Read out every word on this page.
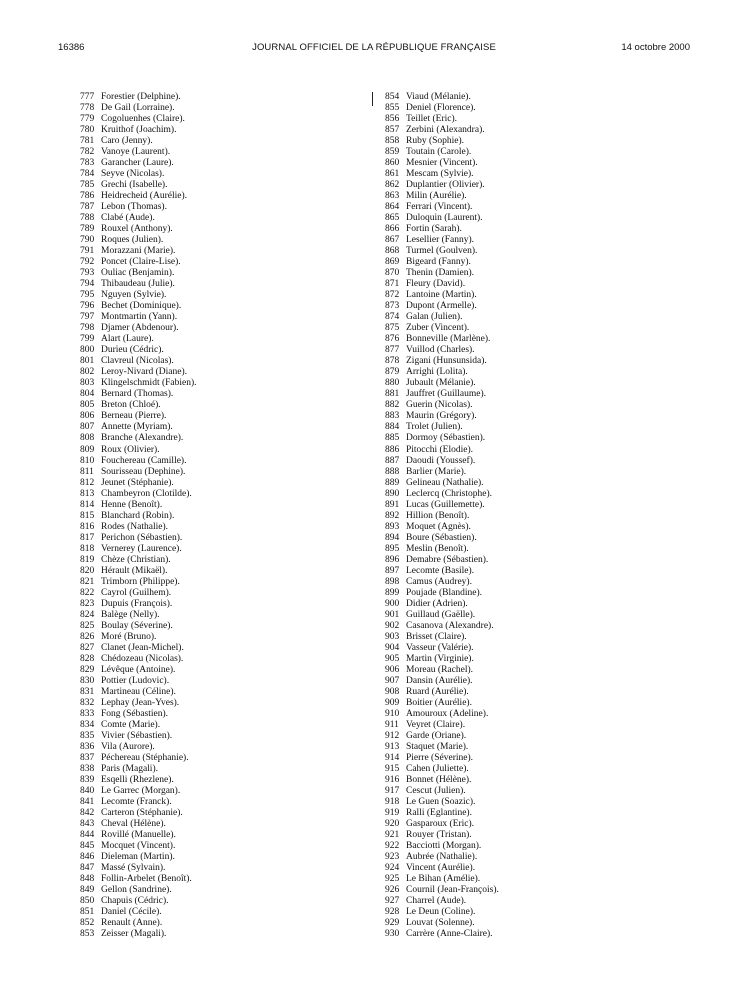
16386	JOURNAL OFFICIEL DE LA RÉPUBLIQUE FRANÇAISE	14 octobre 2000
777 Forestier (Delphine).
778 De Gail (Lorraine).
779 Cogoluenhes (Claire).
780 Kruithof (Joachim).
781 Caro (Jenny).
782 Vanoye (Laurent).
783 Garancher (Laure).
784 Seyve (Nicolas).
785 Grechi (Isabelle).
786 Heidrecheid (Aurélie).
787 Lebon (Thomas).
788 Clabé (Aude).
789 Rouxel (Anthony).
790 Roques (Julien).
791 Morazzani (Marie).
792 Poncet (Claire-Lise).
793 Ouliac (Benjamin).
794 Thibaudeau (Julie).
795 Nguyen (Sylvie).
796 Bechet (Dominique).
797 Montmartin (Yann).
798 Djamer (Abdenour).
799 Alart (Laure).
800 Durieu (Cédric).
801 Clavreul (Nicolas).
802 Leroy-Nivard (Diane).
803 Klingelschmidt (Fabien).
804 Bernard (Thomas).
805 Breton (Chloé).
806 Berneau (Pierre).
807 Annette (Myriam).
808 Branche (Alexandre).
809 Roux (Olivier).
810 Fouchereau (Camille).
811 Sourisseau (Dephine).
812 Jeunet (Stéphanie).
813 Chambeyron (Clotilde).
814 Henne (Benoît).
815 Blanchard (Robin).
816 Rodes (Nathalie).
817 Perichon (Sébastien).
818 Vernerey (Laurence).
819 Chèze (Christian).
820 Hérault (Mikaël).
821 Trimborn (Philippe).
822 Cayrol (Guilhem).
823 Dupuis (François).
824 Balège (Nelly).
825 Boulay (Séverine).
826 Moré (Bruno).
827 Clanet (Jean-Michel).
828 Chédozeau (Nicolas).
829 Lévêque (Antoine).
830 Pottier (Ludovic).
831 Martineau (Céline).
832 Lephay (Jean-Yves).
833 Fong (Sébastien).
834 Comte (Marie).
835 Vivier (Sébastien).
836 Vila (Aurore).
837 Péchereau (Stéphanie).
838 Paris (Magali).
839 Esqelli (Rhezlene).
840 Le Garrec (Morgan).
841 Lecomte (Franck).
842 Carteron (Stéphanie).
843 Cheval (Hélène).
844 Rovillé (Manuelle).
845 Mocquet (Vincent).
846 Dieleman (Martin).
847 Massé (Sylvain).
848 Follin-Arbelet (Benoît).
849 Gellon (Sandrine).
850 Chapuis (Cédric).
851 Daniel (Cécile).
852 Renault (Anne).
853 Zeisser (Magali).
854 Viaud (Mélanie).
855 Deniel (Florence).
856 Teillet (Eric).
857 Zerbini (Alexandra).
858 Ruby (Sophie).
859 Toutain (Carole).
860 Mesnier (Vincent).
861 Mescam (Sylvie).
862 Duplantier (Olivier).
863 Milin (Aurélie).
864 Ferrari (Vincent).
865 Duloquin (Laurent).
866 Fortin (Sarah).
867 Lesellier (Fanny).
868 Turmel (Goulven).
869 Bigeard (Fanny).
870 Thenin (Damien).
871 Fleury (David).
872 Lantoine (Martin).
873 Dupont (Armelle).
874 Galan (Julien).
875 Zuber (Vincent).
876 Bonneville (Marlène).
877 Vuillod (Charles).
878 Zigani (Hunsunsida).
879 Arrighi (Lolita).
880 Jubault (Mélanie).
881 Jauffret (Guillaume).
882 Guerin (Nicolas).
883 Maurin (Grégory).
884 Trolet (Julien).
885 Dormoy (Sébastien).
886 Pitocchi (Elodie).
887 Daoudi (Youssef).
888 Barlier (Marie).
889 Gelineau (Nathalie).
890 Leclercq (Christophe).
891 Lucas (Guillemette).
892 Hillion (Benoît).
893 Moquet (Agnès).
894 Boure (Sébastien).
895 Meslin (Benoît).
896 Demabre (Sébastien).
897 Lecomte (Basile).
898 Camus (Audrey).
899 Poujade (Blandine).
900 Didier (Adrien).
901 Guillaud (Gaëlle).
902 Casanova (Alexandre).
903 Brisset (Claire).
904 Vasseur (Valérie).
905 Martin (Virginie).
906 Moreau (Rachel).
907 Dansin (Aurélie).
908 Ruard (Aurélie).
909 Boitier (Aurélie).
910 Amouroux (Adeline).
911 Veyret (Claire).
912 Garde (Oriane).
913 Staquet (Marie).
914 Pierre (Séverine).
915 Cahen (Juliette).
916 Bonnet (Hélène).
917 Cescut (Julien).
918 Le Guen (Soazic).
919 Ralli (Eglantine).
920 Gasparoux (Eric).
921 Rouyer (Tristan).
922 Bacciotti (Morgan).
923 Aubrée (Nathalie).
924 Vincent (Aurélie).
925 Le Bihan (Amélie).
926 Cournil (Jean-François).
927 Charrel (Aude).
928 Le Deun (Coline).
929 Louvat (Solenne).
930 Carrère (Anne-Claire).
